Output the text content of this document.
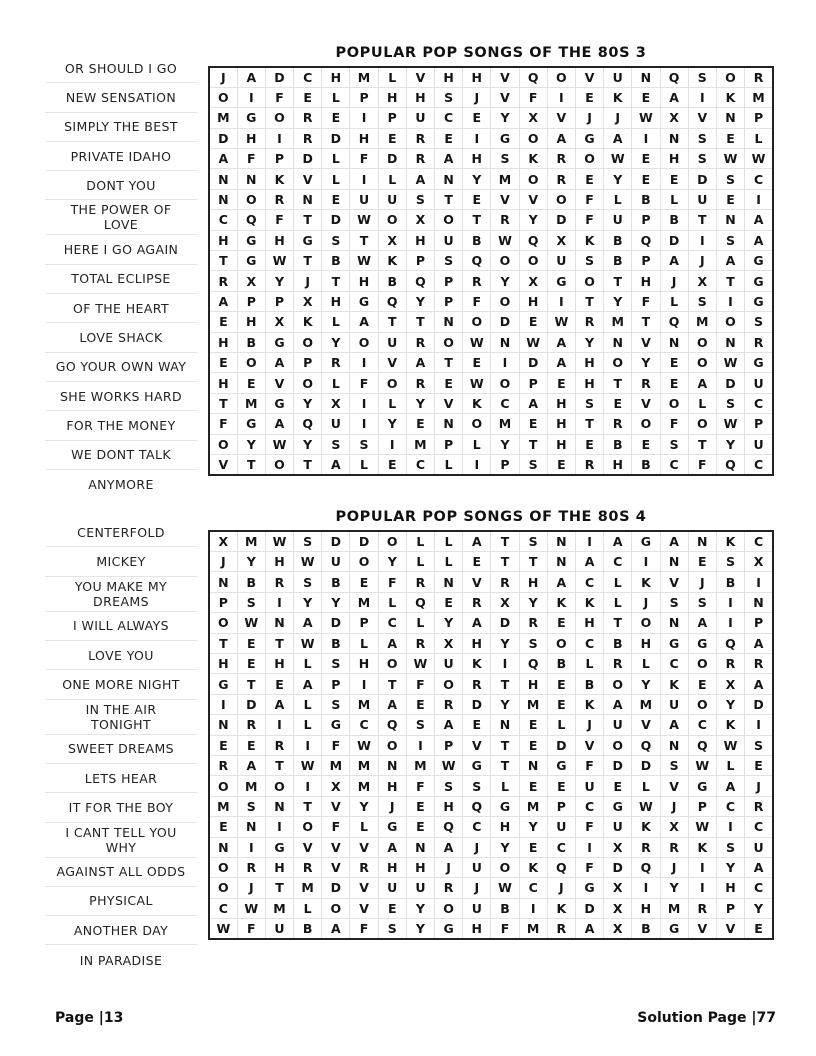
OR SHOULD I GO
NEW SENSATION
SIMPLY THE BEST
PRIVATE IDAHO
DONT YOU
THE POWER OF
LOVE
HERE I GO AGAIN
TOTAL ECLIPSE
OF THE HEART
LOVE SHACK
GO YOUR OWN WAY
SHE WORKS HARD
FOR THE MONEY
WE DONT TALK
ANYMORE
POPULAR POP SONGS OF THE 80S 3
J	A	D	C	H	M	L	V	H	H	V	Q	O	V	U	N	Q	S	O	R
O	I	F	E	L	P	H	H	S	J	V	F	I	E	K	E	A	I	K	M
M	G	O	R	E	I	P	U	C	E	Y	X	V	J	J	W	X	V	N	P
D	H	I	R	D	H	E	R	E	I	G	O	A	G	A	I	N	S	E	L
A	F	P	D	L	F	D	R	A	H	S	K	R	O	W	E	H	S	W	W
N	N	K	V	L	I	L	A	N	Y	M	O	R	E	Y	E	E	D	S	C
N	O	R	N	E	U	U	S	T	E	V	V	O	F	L	B	L	U	E	I
C	Q	F	T	D	W	O	X	O	T	R	Y	D	F	U	P	B	T	N	A
H	G	H	G	S	T	X	H	U	B	W	Q	X	K	B	Q	D	I	S	A
T	G	W	T	B	W	K	P	S	Q	O	O	U	S	B	P	A	J	A	G
R	X	Y	J	T	H	B	Q	P	R	Y	X	G	O	T	H	J	X	T	G
A	P	P	X	H	G	Q	Y	P	F	O	H	I	T	Y	F	L	S	I	G
E	H	X	K	L	A	T	T	N	O	D	E	W	R	M	T	Q	M	O	S
H	B	G	O	Y	O	U	R	O	W	N	W	A	Y	N	V	N	O	N	R
E	O	A	P	R	I	V	A	T	E	I	D	A	H	O	Y	E	O	W	G
H	E	V	O	L	F	O	R	E	W	O	P	E	H	T	R	E	A	D	U
T	M	G	Y	X	I	L	Y	V	K	C	A	H	S	E	V	O	L	S	C
F	G	A	Q	U	I	Y	E	N	O	M	E	H	T	R	O	F	O	W	P
O	Y	W	Y	S	S	I	M	P	L	Y	T	H	E	B	E	S	T	Y	U
V	T	O	T	A	L	E	C	L	I	P	S	E	R	H	B	C	F	Q	C
CENTERFOLD
MICKEY
YOU MAKE MY
DREAMS
I WILL ALWAYS
LOVE YOU
ONE MORE NIGHT
IN THE AIR
TONIGHT
SWEET DREAMS
LETS HEAR
IT FOR THE BOY
I CANT TELL YOU
WHY
AGAINST ALL ODDS
PHYSICAL
ANOTHER DAY
IN PARADISE
POPULAR POP SONGS OF THE 80S 4
X	M	W	S	D	D	O	L	L	A	T	S	N	I	A	G	A	N	K	C
J	Y	H	W	U	O	Y	L	L	E	T	T	N	A	C	I	N	E	S	X
N	B	R	S	B	E	F	R	N	V	R	H	A	C	L	K	V	J	B	I
P	S	I	Y	Y	M	L	Q	E	R	X	Y	K	K	L	J	S	S	I	N
O	W	N	A	D	P	C	L	Y	A	D	R	E	H	T	O	N	A	I	P
T	E	T	W	B	L	A	R	X	H	Y	S	O	C	B	H	G	G	Q	A
H	E	H	L	S	H	O	W	U	K	I	Q	B	L	R	L	C	O	R	R
G	T	E	A	P	I	T	F	O	R	T	H	E	B	O	Y	K	E	X	A
I	D	A	L	S	M	A	E	R	D	Y	M	E	K	A	M	U	O	Y	D
N	R	I	L	G	C	Q	S	A	E	N	E	L	J	U	V	A	C	K	I
E	E	R	I	F	W	O	I	P	V	T	E	D	V	O	Q	N	Q	W	S
R	A	T	W	M	M	N	M	W	G	T	N	G	F	D	D	S	W	L	E
O	M	O	I	X	M	H	F	S	S	L	E	E	U	E	L	V	G	A	J
M	S	N	T	V	Y	J	E	H	Q	G	M	P	C	G	W	J	P	C	R
E	N	I	O	F	L	G	E	Q	C	H	Y	U	F	U	K	X	W	I	C
N	I	G	V	V	V	A	N	A	J	Y	E	C	I	X	R	R	K	S	U
O	R	H	R	V	R	H	H	J	U	O	K	Q	F	D	Q	J	I	Y	A
O	J	T	M	D	V	U	U	R	J	W	C	J	G	X	I	Y	I	H	C
C	W	M	L	O	V	E	Y	O	U	B	I	K	D	X	H	M	R	P	Y
W	F	U	B	A	F	S	Y	G	H	F	M	R	A	X	B	G	V	V	E
Page |13	Solution Page |77
